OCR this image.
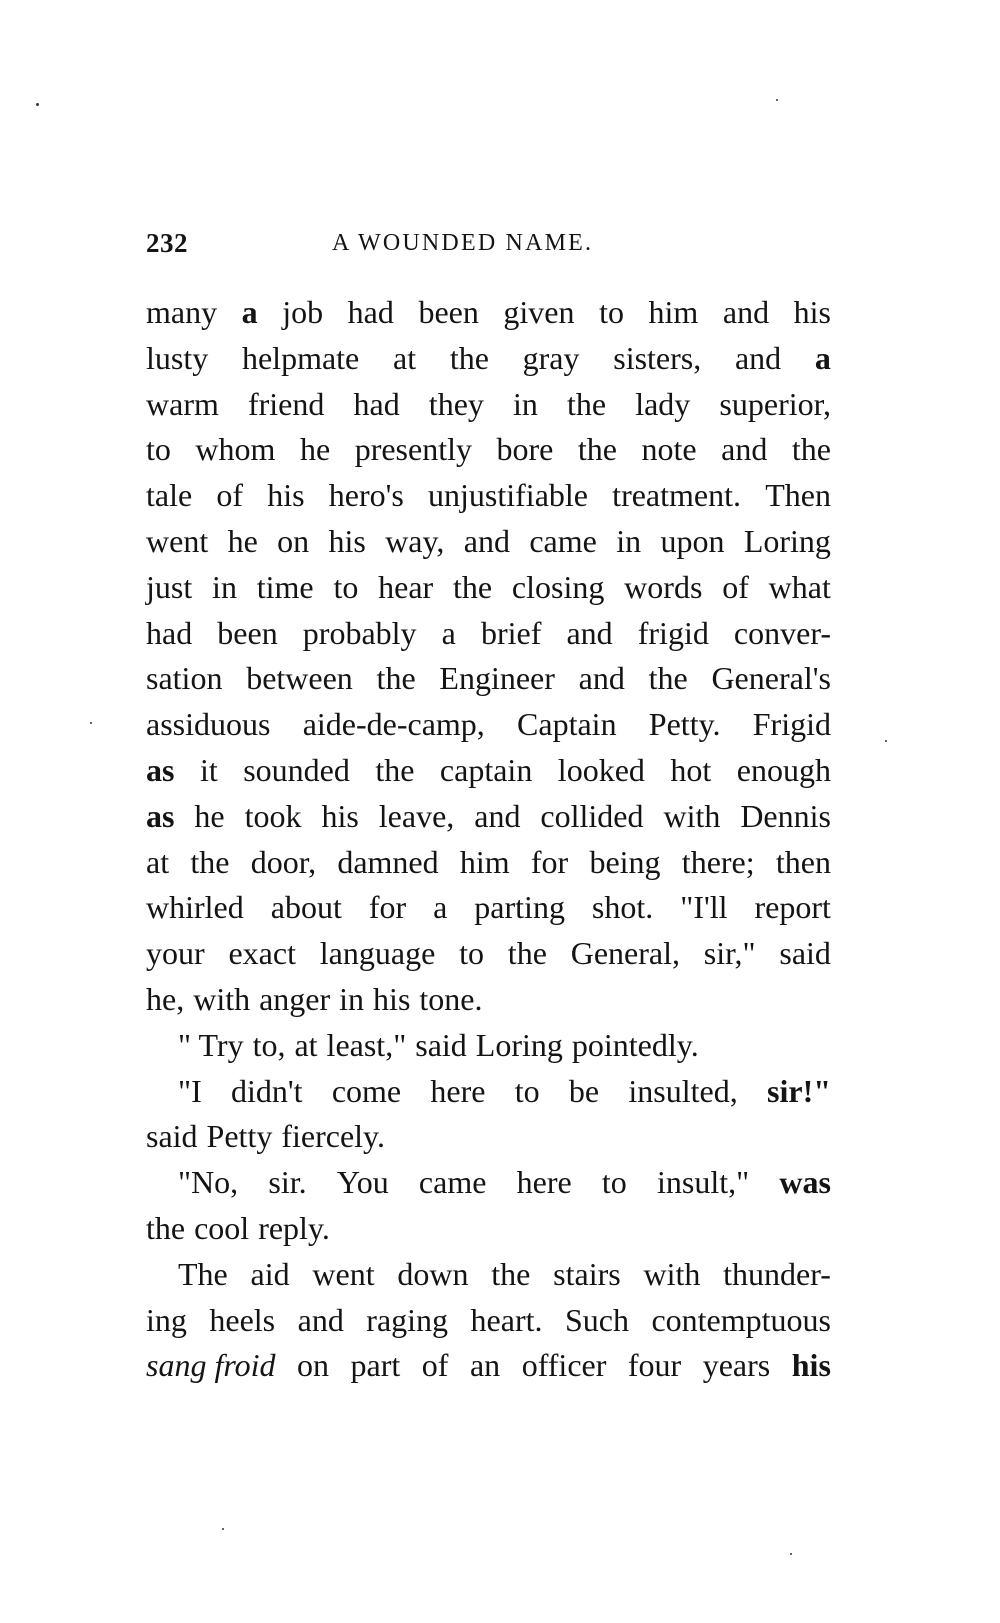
232	A WOUNDED NAME.
many a job had been given to him and his
lusty helpmate at the gray sisters, and a
warm friend had they in the lady superior,
to whom he presently bore the note and the
tale of his hero's unjustifiable treatment. Then
went he on his way, and came in upon Loring
just in time to hear the closing words of what
had been probably a brief and frigid conver-
sation between the Engineer and the General's
assiduous aide-de-camp, Captain Petty. Frigid
as it sounded the captain looked hot enough
as he took his leave, and collided with Dennis
at the door, damned him for being there; then
whirled about for a parting shot. "I'll report
your exact language to the General, sir," said
he, with anger in his tone.
" Try to, at least," said Loring pointedly.
"I didn't come here to be insulted, sir!"
said Petty fiercely.
"No, sir. You came here to insult," was
the cool reply.
The aid went down the stairs with thunder-
ing heels and raging heart. Such contemptuous
sang froid on part of an officer four years his
